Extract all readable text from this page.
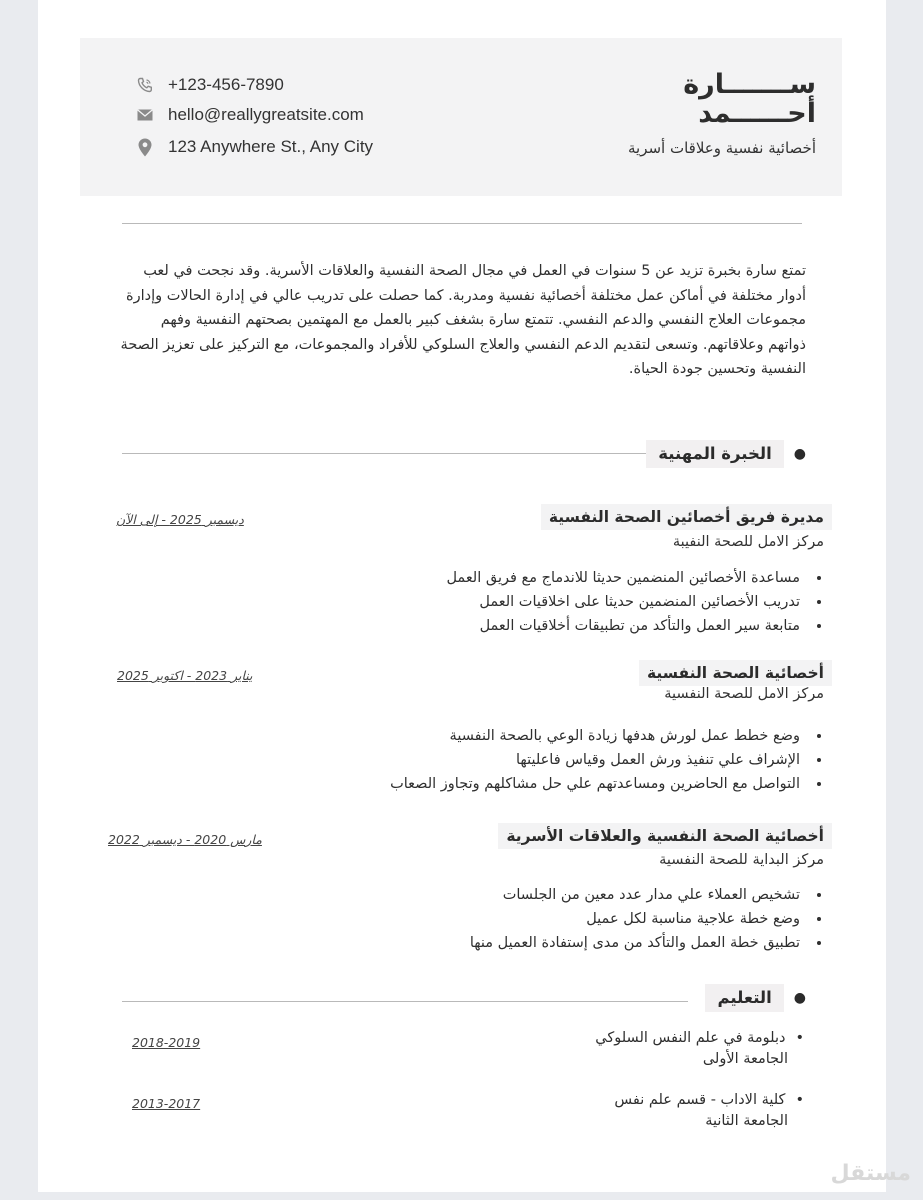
ســـــــارة
أحــــــمد
أخصائية نفسية وعلاقات أسرية
+123-456-7890
hello@reallygreatsite.com
123 Anywhere St., Any City
تمتع سارة بخبرة تزيد عن 5 سنوات في العمل في مجال الصحة النفسية والعلاقات الأسرية. وقد نجحت في لعب أدوار مختلفة في أماكن عمل مختلفة أخصائية نفسية ومدربة. كما حصلت على تدريب عالي في إدارة الحالات وإدارة مجموعات العلاج النفسي والدعم النفسي. تتمتع سارة بشغف كبير بالعمل مع المهتمين بصحتهم النفسية وفهم ذواتهم وعلاقاتهم. وتسعى لتقديم الدعم النفسي والعلاج السلوكي للأفراد والمجموعات، مع التركيز على تعزيز الصحة النفسية وتحسين جودة الحياة.
●
الخبرة المهنية
مديرة فريق أخصائين الصحة النفسية
ديسمبر 2025 - إلى الآن
مركز الامل للصحة النفيبة
• مساعدة الأخصائين المنضمين حديثا للاندماج مع فريق العمل
• تدريب الأخصائين المنضمين حديثا على اخلاقيات العمل
• متابعة سير العمل والتأكد من تطبيقات أخلاقيات العمل
أخصائية الصحة النفسية
يناير 2023 - اكتوبر 2025
مركز الامل للصحة النفسية
• وضع خطط عمل لورش هدفها زيادة الوعي بالصحة النفسية
• الإشراف علي تنفيذ ورش العمل وقياس فاعليتها
• التواصل مع الحاضرين ومساعدتهم علي حل مشاكلهم وتجاوز الصعاب
أخصائية الصحة النفسية والعلاقات الأسرية
مارس 2020 - ديسمبر 2022
مركز البداية للصحة النفسية
• تشخيص العملاء علي مدار عدد معين من الجلسات
• وضع خطة علاجية مناسبة لكل عميل
• تطبيق خطة العمل والتأكد من مدى إستفادة العميل منها
●
التعليم
• دبلومة في علم النفس السلوكي
الجامعة الأولى
2018-2019
• كلية الاداب - قسم علم نفس
الجامعة الثانية
2013-2017
مستقل
